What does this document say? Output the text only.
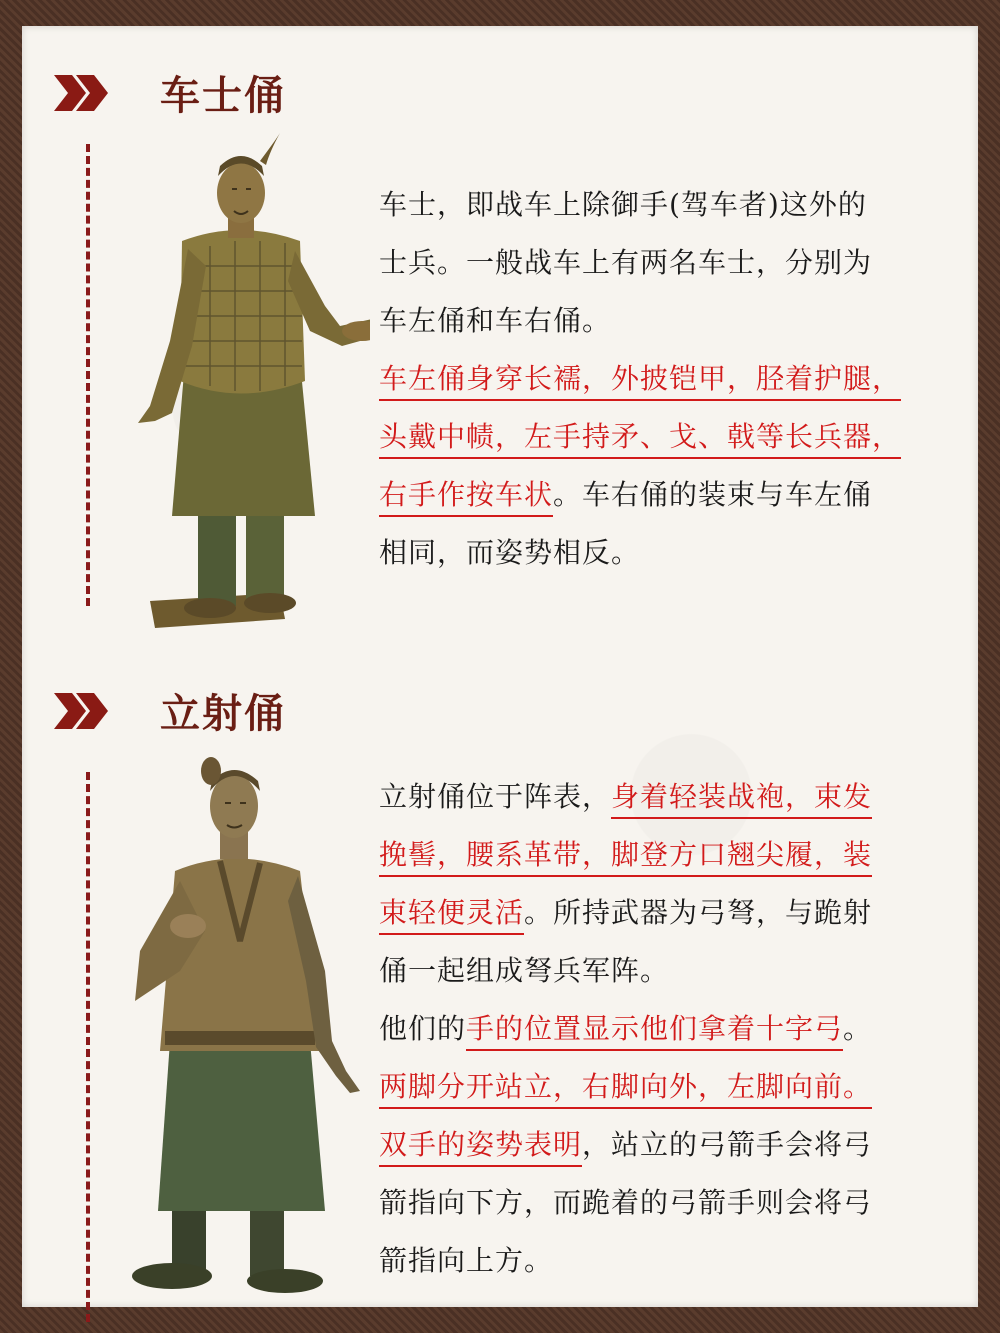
车士俑
车士，即战车上除御手(驾车者)这外的
士兵。一般战车上有两名车士，分别为
车左俑和车右俑。
车左俑身穿长襦，外披铠甲，胫着护腿，
头戴中帻，左手持矛、戈、戟等长兵器，
右手作按车状。车右俑的装束与车左俑
相同，而姿势相反。
立射俑
立射俑位于阵表，身着轻装战袍，束发
挽髻，腰系革带，脚登方口翘尖履，装
束轻便灵活。所持武器为弓弩，与跪射
俑一起组成弩兵军阵。
他们的手的位置显示他们拿着十字弓。
两脚分开站立，右脚向外，左脚向前。
双手的姿势表明，站立的弓箭手会将弓
箭指向下方，而跪着的弓箭手则会将弓
箭指向上方。
